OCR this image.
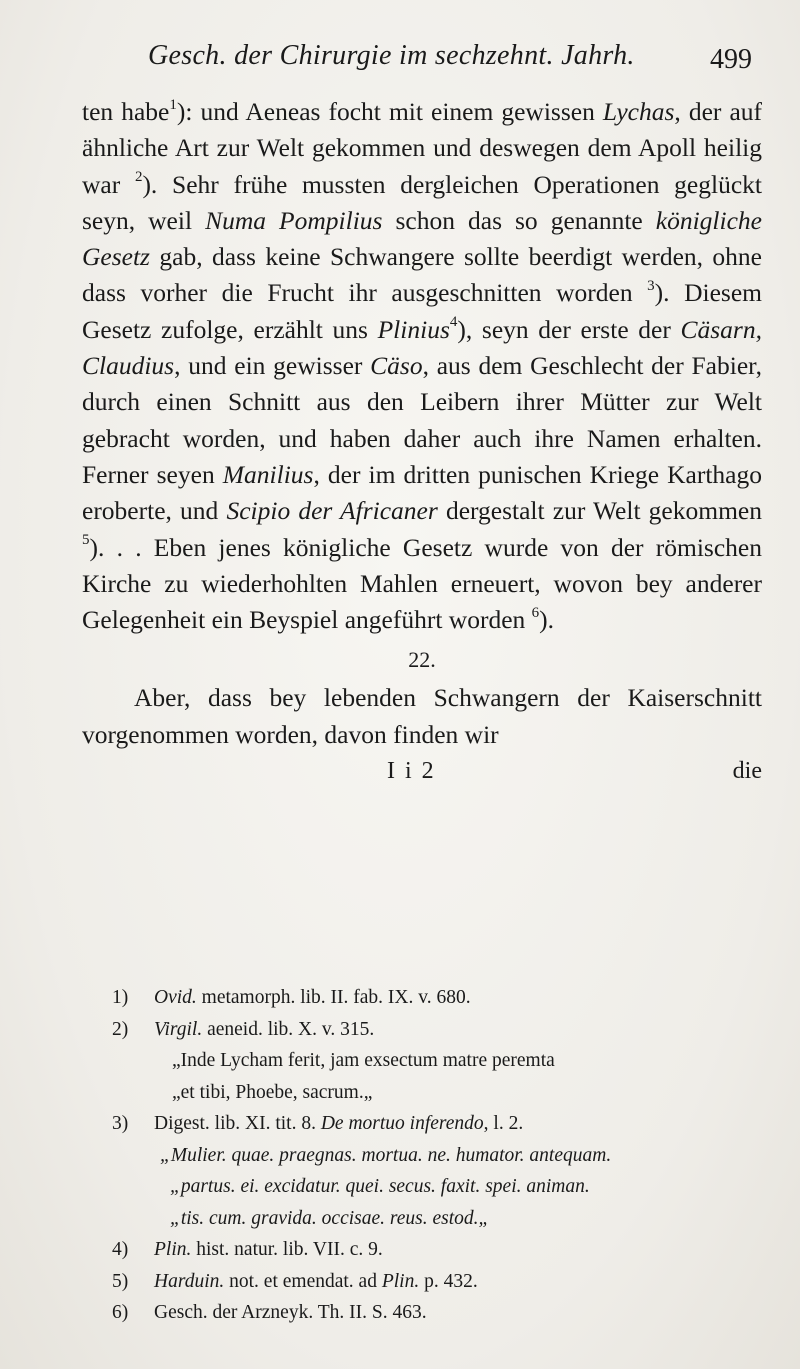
Gesch. der Chirurgie im sechzehnt. Jahrh.	499

ten habe$^1$): und Aeneas focht mit einem gewissen Lychas, der auf ähnliche Art zur Welt gekommen und deswegen dem Apoll heilig war $^2$). Sehr frühe mussten dergleichen Operationen geglückt seyn, weil Numa Pompilius schon das so genannte königliche Gesetz gab, dass keine Schwangere sollte beerdigt werden, ohne dass vorher die Frucht ihr ausgeschnitten worden $^3$). Diesem Gesetz zufolge, erzählt uns Plinius$^4$), seyn der erste der Cäsarn, Claudius, und ein gewisser Cäso, aus dem Geschlecht der Fabier, durch einen Schnitt aus den Leibern ihrer Mütter zur Welt gebracht worden, und haben daher auch ihre Namen erhalten. Ferner seyen Manilius, der im dritten punischen Kriege Karthago eroberte, und Scipio der Africaner dergestalt zur Welt gekommen $^5$). . . Eben jenes königliche Gesetz wurde von der römischen Kirche zu wiederhohlten Mahlen erneuert, wovon bey anderer Gelegenheit ein Beyspiel angeführt worden $^6$).

22.

Aber, dass bey lebenden Schwangern der Kaiserschnitt vorgenommen worden, davon finden wir

I i 2	die
1) Ovid. metamorph. lib. II. fab. IX. v. 680.
2) Virgil. aeneid. lib. X. v. 315.
„Inde Lycham ferit, jam exsectum matre peremta
„et tibi, Phoebe, sacrum.„
3) Digest. lib. XI. tit. 8. De mortuo inferendo, l. 2.
„Mulier. quae. praegnas. mortua. ne. humator. antequam.
„partus. ei. excidatur. quei. secus. faxit. spei. animan.
„tis. cum. gravida. occisae. reus. estod.„
4) Plin. hist. natur. lib. VII. c. 9.
5) Harduin. not. et emendat. ad Plin. p. 432.
6) Gesch. der Arzneyk. Th. II. S. 463.
